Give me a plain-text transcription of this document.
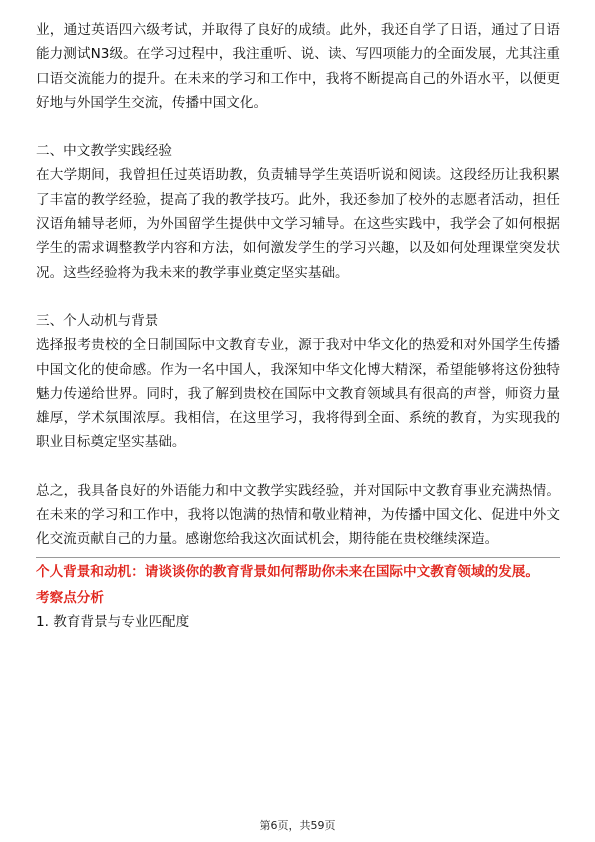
业，通过英语四六级考试，并取得了良好的成绩。此外，我还自学了日语，通过了日语能力测试N3级。在学习过程中，我注重听、说、读、写四项能力的全面发展，尤其注重口语交流能力的提升。在未来的学习和工作中，我将不断提高自己的外语水平，以便更好地与外国学生交流，传播中国文化。

二、中文教学实践经验

在大学期间，我曾担任过英语助教，负责辅导学生英语听说和阅读。这段经历让我积累了丰富的教学经验，提高了我的教学技巧。此外，我还参加了校外的志愿者活动，担任汉语角辅导老师，为外国留学生提供中文学习辅导。在这些实践中，我学会了如何根据学生的需求调整教学内容和方法，如何激发学生的学习兴趣，以及如何处理课堂突发状况。这些经验将为我未来的教学事业奠定坚实基础。

三、个人动机与背景

选择报考贵校的全日制国际中文教育专业，源于我对中华文化的热爱和对外国学生传播中国文化的使命感。作为一名中国人，我深知中华文化博大精深，希望能够将这份独特魅力传递给世界。同时，我了解到贵校在国际中文教育领域具有很高的声誉，师资力量雄厚，学术氛围浓厚。我相信，在这里学习，我将得到全面、系统的教育，为实现我的职业目标奠定坚实基础。

总之，我具备良好的外语能力和中文教学实践经验，并对国际中文教育事业充满热情。在未来的学习和工作中，我将以饱满的热情和敬业精神，为传播中国文化、促进中外文化交流贡献自己的力量。感谢您给我这次面试机会，期待能在贵校继续深造。

个人背景和动机：请谈谈你的教育背景如何帮助你未来在国际中文教育领域的发展。

考察点分析

1. 教育背景与专业匹配度

第6页，共59页
